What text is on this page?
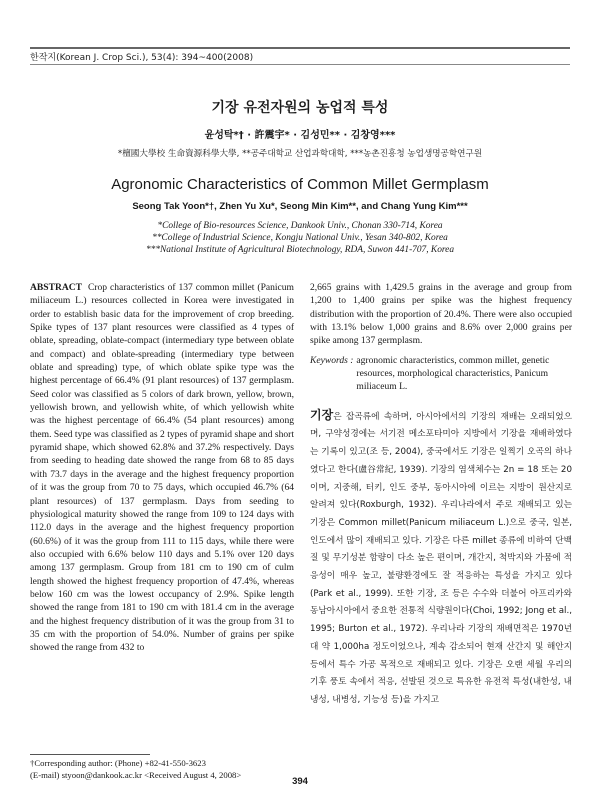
한작지(Korean J. Crop Sci.), 53(4): 394~400(2008)
기장 유전자원의 농업적 특성
윤성탁*† · 許震宇* · 김성민** · 김창영***
*檀國大學校 生命資源科學大學, **공주대학교 산업과학대학, ***농촌진흥청 농업생명공학연구원
Agronomic Characteristics of Common Millet Germplasm
Seong Tak Yoon*†, Zhen Yu Xu*, Seong Min Kim**, and Chang Yung Kim***
*College of Bio-resources Science, Dankook Univ., Chonan 330-714, Korea
**College of Industrial Science, Kongju National Univ., Yesan 340-802, Korea
***National Institute of Agricultural Biotechnology, RDA, Suwon 441-707, Korea
ABSTRACT Crop characteristics of 137 common millet (Panicum miliaceum L.) resources collected in Korea were investigated in order to establish basic data for the improvement of crop breeding. Spike types of 137 plant resources were classified as 4 types of oblate, spreading, oblate-compact (intermediary type between oblate and compact) and oblate-spreading (intermediary type between oblate and spreading) type, of which oblate spike type was the highest percentage of 66.4% (91 plant resources) of 137 germplasm. Seed color was classified as 5 colors of dark brown, yellow, brown, yellowish brown, and yellowish white, of which yellowish white was the highest percentage of 66.4% (54 plant resources) among them. Seed type was classified as 2 types of pyramid shape and short pyramid shape, which showed 62.8% and 37.2% respectively. Days from seeding to heading date showed the range from 68 to 85 days with 73.7 days in the average and the highest frequency proportion of it was the group from 70 to 75 days, which occupied 46.7% (64 plant resources) of 137 germplasm. Days from seeding to physiological maturity showed the range from 109 to 124 days with 112.0 days in the average and the highest frequency proportion (60.6%) of it was the group from 111 to 115 days, while there were also occupied with 6.6% below 110 days and 5.1% over 120 days among 137 germplasm. Group from 181 cm to 190 cm of culm length showed the highest frequency proportion of 47.4%, whereas below 160 cm was the lowest occupancy of 2.9%. Spike length showed the range from 181 to 190 cm with 181.4 cm in the average and the highest frequency distribution of it was the group from 31 to 35 cm with the proportion of 54.0%. Number of grains per spike showed the range from 432 to
2,665 grains with 1,429.5 grains in the average and group from 1,200 to 1,400 grains per spike was the highest frequency distribution with the proportion of 20.4%. There were also occupied with 13.1% below 1,000 grains and 8.6% over 2,000 grains per spike among 137 germplasm.
Keywords : agronomic characteristics, common millet, genetic resources, morphological characteristics, Panicum miliaceum L.
기장은 잡곡류에 속하며, 아시아에서의 기장의 재배는 오래되었으며, 구약성경에는 서기전 메소포타미아 지방에서 기장을 재배하였다는 기록이 있고(조 등, 2004), 중국에서도 기장은 일찍기 오곡의 하나였다고 한다(盧谷常紀, 1939). 기장의 염색체수는 2n = 18 또는 20이며, 지중해, 터키, 인도 중부, 동아시아에 이르는 지방이 원산지로 알려져 있다(Roxburgh, 1932). 우리나라에서 주로 재배되고 있는 기장은 Common millet(Panicum miliaceum L.)으로 중국, 일본, 인도에서 많이 재배되고 있다. 기장은 다른 millet 종류에 비하여 단백질 및 무기성분 함량이 다소 높은 편이며, 개간지, 척박지와 가뭄에 적응성이 매우 높고, 불량환경에도 잘 적응하는 특성을 가지고 있다(Park et al., 1999). 또한 기장, 조 등은 수수와 더불어 아프리카와 동남아시아에서 중요한 전통적 식량원이다(Choi, 1992; Jong et al., 1995; Burton et al., 1972). 우리나라 기장의 재배면적은 1970년대 약 1,000ha 정도이었으나, 계속 감소되어 현재 산간지 및 해안지 등에서 특수 가공 목적으로 재배되고 있다. 기장은 오랜 세월 우리의 기후 풍토 속에서 적응, 선발된 것으로 특유한 유전적 특성(내한성, 내냉성, 내병성, 기능성 등)을 가지고
†Corresponding author: (Phone) +82-41-550-3623
(E-mail) styoon@dankook.ac.kr <Received August 4, 2008>
394
